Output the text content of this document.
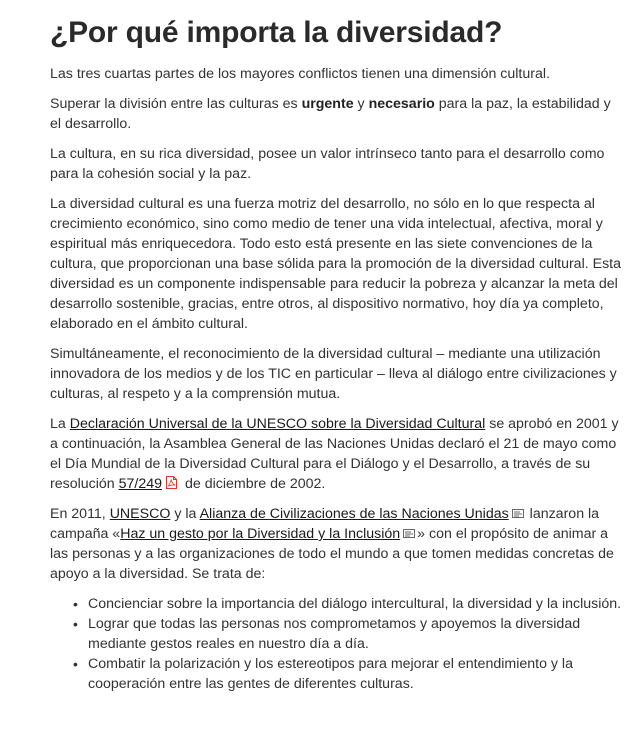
¿Por qué importa la diversidad?

Las tres cuartas partes de los mayores conflictos tienen una dimensión cultural.

Superar la división entre las culturas es urgente y necesario para la paz, la estabilidad y el desarrollo.

La cultura, en su rica diversidad, posee un valor intrínseco tanto para el desarrollo como para la cohesión social y la paz.

La diversidad cultural es una fuerza motriz del desarrollo, no sólo en lo que respecta al crecimiento económico, sino como medio de tener una vida intelectual, afectiva, moral y espiritual más enriquecedora. Todo esto está presente en las siete convenciones de la cultura, que proporcionan una base sólida para la promoción de la diversidad cultural. Esta diversidad es un componente indispensable para reducir la pobreza y alcanzar la meta del desarrollo sostenible, gracias, entre otros, al dispositivo normativo, hoy día ya completo, elaborado en el ámbito cultural.

Simultáneamente, el reconocimiento de la diversidad cultural – mediante una utilización innovadora de los medios y de los TIC en particular – lleva al diálogo entre civilizaciones y culturas, al respeto y a la comprensión mutua.

La Declaración Universal de la UNESCO sobre la Diversidad Cultural se aprobó en 2001 y a continuación, la Asamblea General de las Naciones Unidas declaró el 21 de mayo como el Día Mundial de la Diversidad Cultural para el Diálogo y el Desarrollo, a través de su resolución 57/249 de diciembre de 2002.

En 2011, UNESCO y la Alianza de Civilizaciones de las Naciones Unidas lanzaron la campaña «Haz un gesto por la Diversidad y la Inclusión » con el propósito de animar a las personas y a las organizaciones de todo el mundo a que tomen medidas concretas de apoyo a la diversidad. Se trata de:

• Concienciar sobre la importancia del diálogo intercultural, la diversidad y la inclusión.
• Lograr que todas las personas nos comprometamos y apoyemos la diversidad mediante gestos reales en nuestro día a día.
• Combatir la polarización y los estereotipos para mejorar el entendimiento y la cooperación entre las gentes de diferentes culturas.
